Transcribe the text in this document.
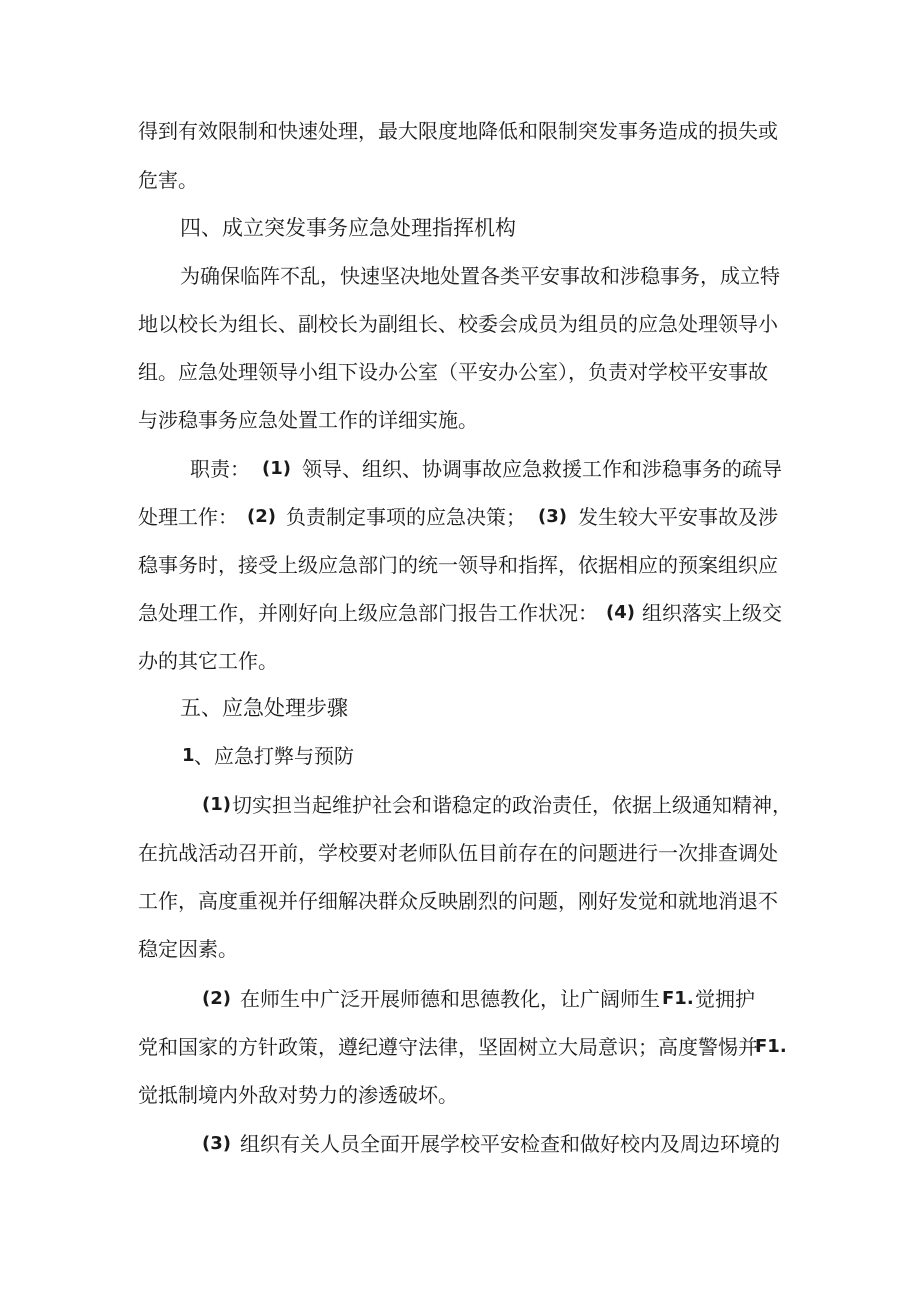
得到有效限制和快速处理，最大限度地降低和限制突发事务造成的损失或
危害。
四、成立突发事务应急处理指挥机构
为确保临阵不乱，快速坚决地处置各类平安事故和涉稳事务，成立特
地以校长为组长、副校长为副组长、校委会成员为组员的应急处理领导小
组。应急处理领导小组下设办公室（平安办公室），负责对学校平安事故
与涉稳事务应急处置工作的详细实施。
职责： (1) 领导、组织、协调事故应急救援工作和涉稳事务的疏导
处理工作： (2) 负责制定事项的应急决策； (3) 发生较大平安事故及涉
稳事务时，接受上级应急部门的统一领导和指挥，依据相应的预案组织应
急处理工作，并刚好向上级应急部门报告工作状况： (4) 组织落实上级交
办的其它工作。
五、应急处理步骤
1 、应急打弊与预防
(1) 切实担当起维护社会和谐稳定的政治责任，依据上级通知精神，
在抗战活动召开前，学校要对老师队伍目前存在的问题进行一次排查调处
工作，高度重视并仔细解决群众反映剧烈的问题，刚好发觉和就地消退不
稳定因素。
(2) 在师生中广泛开展师德和思德教化，让广阔师生 F1. 觉拥护
党和国家的方针政策，遵纪遵守法律，坚固树立大局意识；高度警惕并
F1.
觉抵制境内外敌对势力的渗透破坏。
(3) 组织有关人员全面开展学校平安检查和做好校内及周边环境的
